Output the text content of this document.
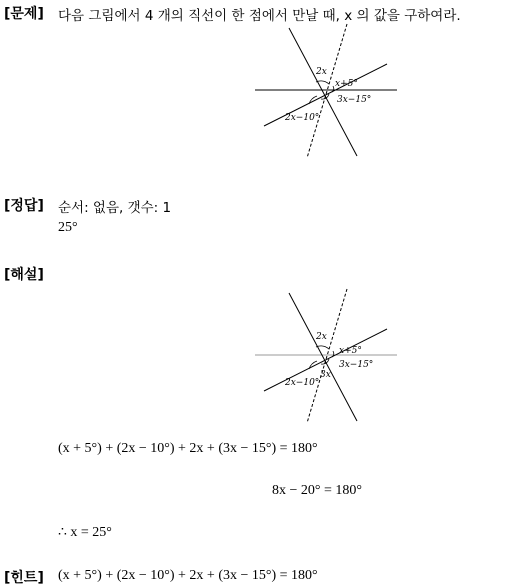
[문제] 다음 그림에서 4 개의 직선이 한 점에서 만날 때, x 의 값을 구하여라.
2x
x+5°
3x−15°
2x−10°
[정답] 순서: 없음, 갯수: 1
25°
[해설]
2x
x+5°
3x−15°
2x−10°
3x
(x + 5°) + (2x − 10°) + 2x + (3x − 15°) = 180°
8x − 20° = 180°
∴ x = 25°
[힌트] (x + 5°) + (2x − 10°) + 2x + (3x − 15°) = 180°
